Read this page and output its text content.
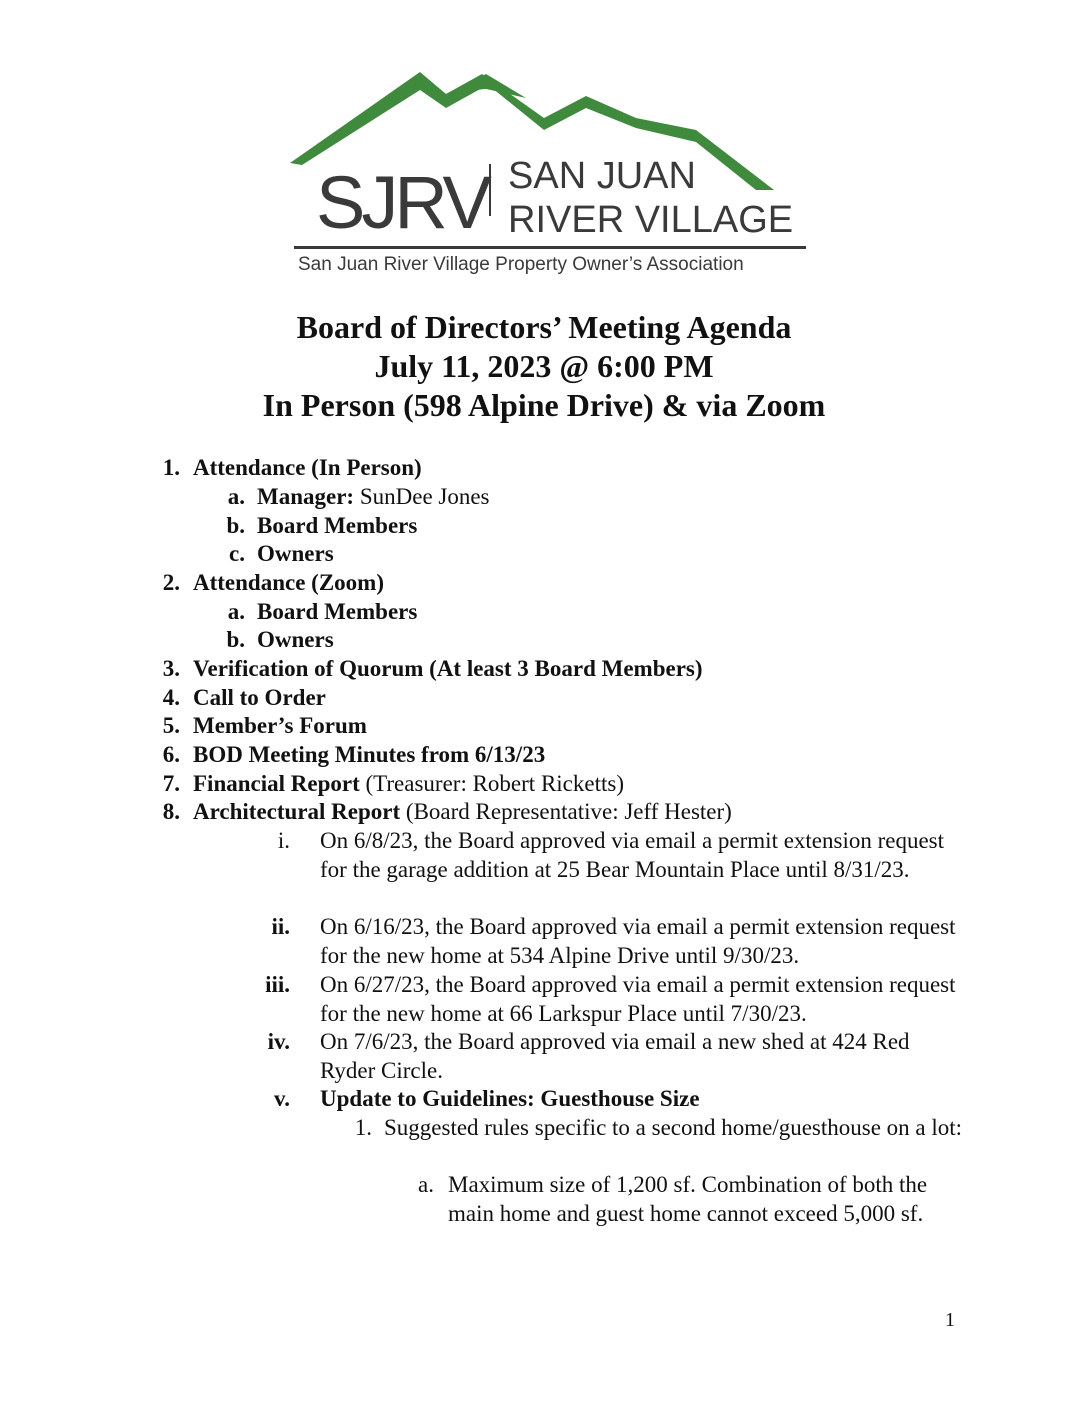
SJRV SAN JUAN
RIVER VILLAGE
San Juan River Village Property Owner’s Association
Board of Directors’ Meeting Agenda
July 11, 2023 @ 6:00 PM
In Person (598 Alpine Drive) & via Zoom
1. Attendance (In Person)
a. Manager: SunDee Jones
b. Board Members
c. Owners
2. Attendance (Zoom)
a. Board Members
b. Owners
3. Verification of Quorum (At least 3 Board Members)
4. Call to Order
5. Member’s Forum
6. BOD Meeting Minutes from 6/13/23
7. Financial Report (Treasurer: Robert Ricketts)
8. Architectural Report (Board Representative: Jeff Hester)
i. On 6/8/23, the Board approved via email a permit extension request for the garage addition at 25 Bear Mountain Place until 8/31/23.
ii. On 6/16/23, the Board approved via email a permit extension request for the new home at 534 Alpine Drive until 9/30/23.
iii. On 6/27/23, the Board approved via email a permit extension request for the new home at 66 Larkspur Place until 7/30/23.
iv. On 7/6/23, the Board approved via email a new shed at 424 Red Ryder Circle.
v. Update to Guidelines: Guesthouse Size
1. Suggested rules specific to a second home/guesthouse on a lot:
a. Maximum size of 1,200 sf. Combination of both the main home and guest home cannot exceed 5,000 sf.
1
